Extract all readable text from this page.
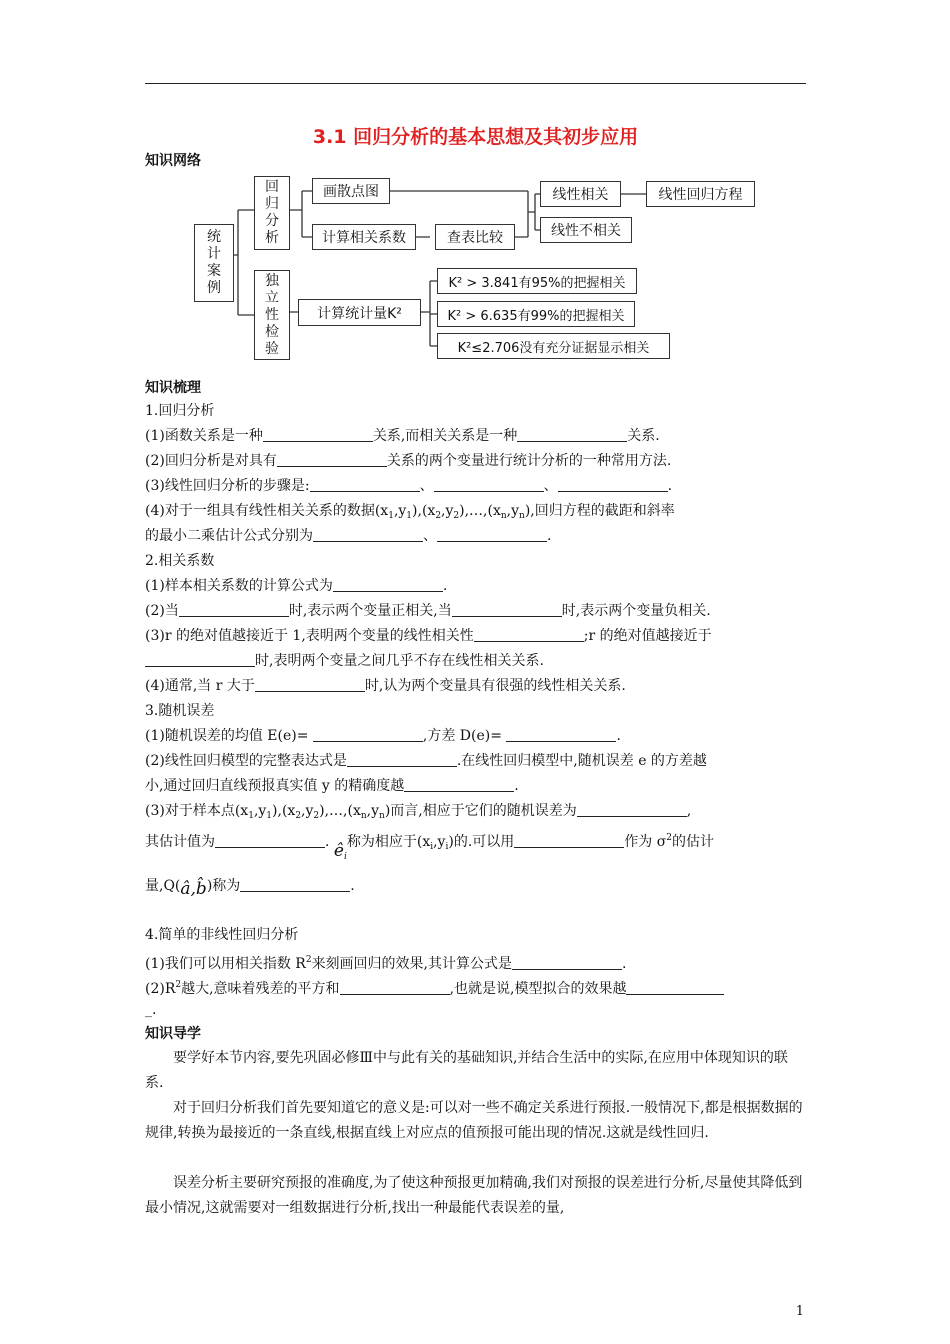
3.1 回归分析的基本思想及其初步应用
知识网络
统
计
案
例
回
归
分
析
独
立
性
检
验
画散点图
计算相关系数	查表比较
线性相关	线性回归方程
线性不相关
计算统计量K²
K² > 3.841有95%的把握相关
K² > 6.635有99%的把握相关
K²≤2.706没有充分证据显示相关
知识梳理
1.回归分析
(1)函数关系是一种	关系,而相关关系是一种	关系.
(2)回归分析是对具有	关系的两个变量进行统计分析的一种常用方法.
(3)线性回归分析的步骤是:	、	、	.
(4)对于一组具有线性相关关系的数据$(x_1,y_1),(x_2,y_2),\dots,(x_n,y_n)$,回归方程的截距和斜率
的最小二乘估计公式分别为	、	.
2.相关系数
(1)样本相关系数的计算公式为	.
(2)当	时,表示两个变量正相关,当	时,表示两个变量负相关.
(3)r 的绝对值越接近于 1,表明两个变量的线性相关性	;r 的绝对值越接近于
时,表明两个变量之间几乎不存在线性相关关系.
(4)通常,当 r 大于	时,认为两个变量具有很强的线性相关关系.
3.随机误差
(1)随机误差的均值 E(e)=	,方差 D(e)=	.
(2)线性回归模型的完整表达式是	.在线性回归模型中,随机误差 e 的方差越
小,通过回归直线预报真实值 y 的精确度越	.
(3)对于样本点$(x_1,y_1),(x_2,y_2),\dots,(x_n,y_n)$而言,相应于它们的随机误差为	,
其估计值为	. $ê_i$称为相应于$(x_i,y_i)$的.可以用	作为 $\sigma^2$的估计
量,Q(â,b̂)称为	.
4.简单的非线性回归分析
(1)我们可以用相关指数 $R^2$来刻画回归的效果,其计算公式是	.
$(2)R^2$越大,意味着残差的平方和	,也就是说,模型拟合的效果越
_.
知识导学
要学好本节内容,要先巩固必修Ⅲ中与此有关的基础知识,并结合生活中的实际,在应用中体现知识的联系.
对于回归分析我们首先要知道它的意义是:可以对一些不确定关系进行预报.一般情况下,都是根据数据的规律,转换为最接近的一条直线,根据直线上对应点的值预报可能出现的情况.这就是线性回归.
误差分析主要研究预报的准确度,为了使这种预报更加精确,我们对预报的误差进行分析,尽量使其降低到最小情况,这就需要对一组数据进行分析,找出一种最能代表误差的量,
1
